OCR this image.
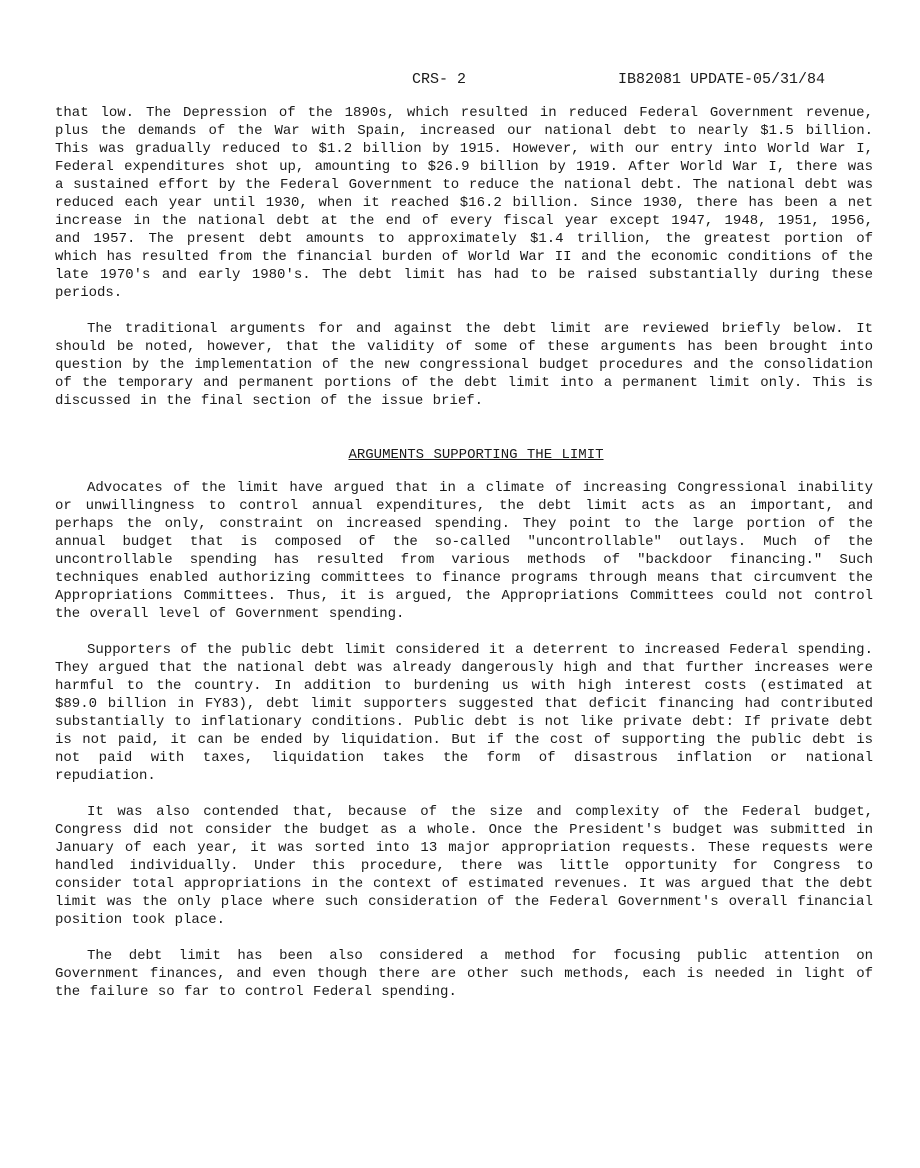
CRS- 2	IB82081 UPDATE-05/31/84

that low. The Depression of the 1890s, which resulted in reduced Federal Government revenue, plus the demands of the War with Spain, increased our national debt to nearly $1.5 billion. This was gradually reduced to $1.2 billion by 1915. However, with our entry into World War I, Federal expenditures shot up, amounting to $26.9 billion by 1919. After World War I, there was a sustained effort by the Federal Government to reduce the national debt. The national debt was reduced each year until 1930, when it reached $16.2 billion. Since 1930, there has been a net increase in the national debt at the end of every fiscal year except 1947, 1948, 1951, 1956, and 1957. The present debt amounts to approximately $1.4 trillion, the greatest portion of which has resulted from the financial burden of World War II and the economic conditions of the late 1970's and early 1980's. The debt limit has had to be raised substantially during these periods.

The traditional arguments for and against the debt limit are reviewed briefly below. It should be noted, however, that the validity of some of these arguments has been brought into question by the implementation of the new congressional budget procedures and the consolidation of the temporary and permanent portions of the debt limit into a permanent limit only. This is discussed in the final section of the issue brief.

ARGUMENTS SUPPORTING THE LIMIT

Advocates of the limit have argued that in a climate of increasing Congressional inability or unwillingness to control annual expenditures, the debt limit acts as an important, and perhaps the only, constraint on increased spending. They point to the large portion of the annual budget that is composed of the so-called "uncontrollable" outlays. Much of the uncontrollable spending has resulted from various methods of "backdoor financing." Such techniques enabled authorizing committees to finance programs through means that circumvent the Appropriations Committees. Thus, it is argued, the Appropriations Committees could not control the overall level of Government spending.

Supporters of the public debt limit considered it a deterrent to increased Federal spending. They argued that the national debt was already dangerously high and that further increases were harmful to the country. In addition to burdening us with high interest costs (estimated at $89.0 billion in FY83), debt limit supporters suggested that deficit financing had contributed substantially to inflationary conditions. Public debt is not like private debt: If private debt is not paid, it can be ended by liquidation. But if the cost of supporting the public debt is not paid with taxes, liquidation takes the form of disastrous inflation or national repudiation.

It was also contended that, because of the size and complexity of the Federal budget, Congress did not consider the budget as a whole. Once the President's budget was submitted in January of each year, it was sorted into 13 major appropriation requests. These requests were handled individually. Under this procedure, there was little opportunity for Congress to consider total appropriations in the context of estimated revenues. It was argued that the debt limit was the only place where such consideration of the Federal Government's overall financial position took place.

The debt limit has been also considered a method for focusing public attention on Government finances, and even though there are other such methods, each is needed in light of the failure so far to control Federal spending.
